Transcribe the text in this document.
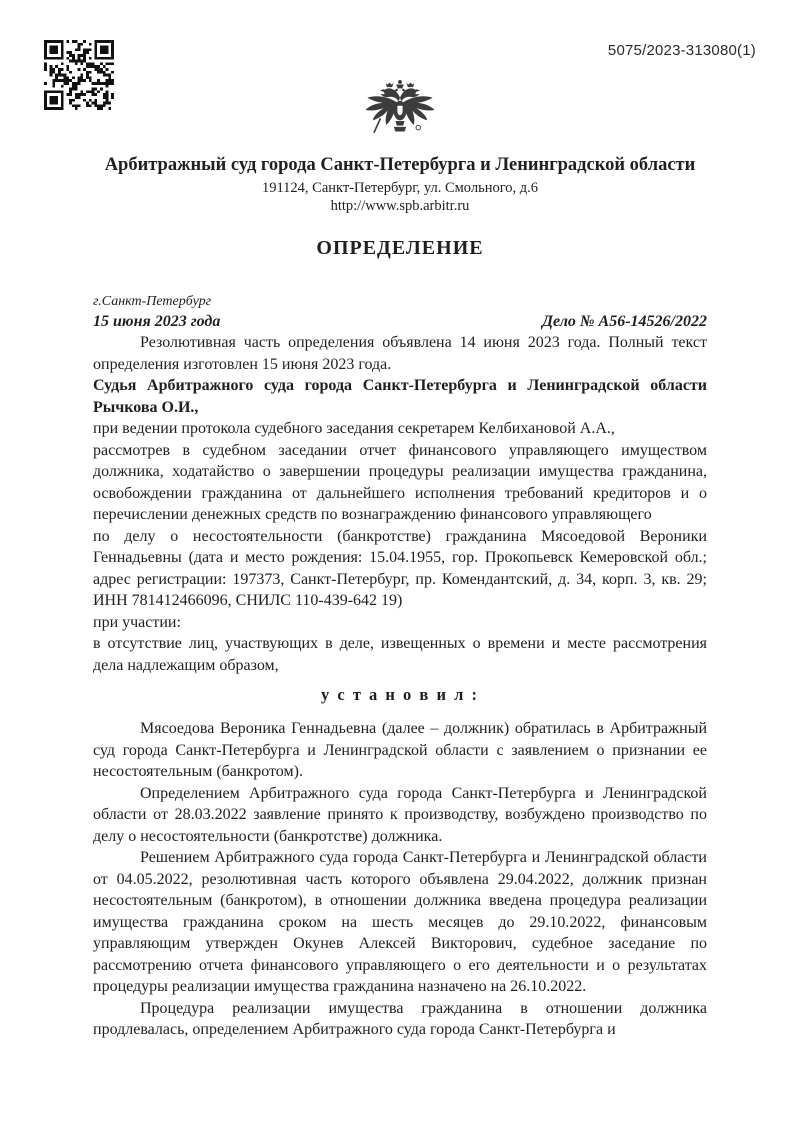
5075/2023-313080(1)
Арбитражный суд города Санкт-Петербурга и Ленинградской области
191124, Санкт-Петербург, ул. Смольного, д.6
http://www.spb.arbitr.ru
ОПРЕДЕЛЕНИЕ
г.Санкт-Петербург
15 июня 2023 года	Дело № А56-14526/2022

Резолютивная часть определения объявлена 14 июня 2023 года. Полный текст определения изготовлен 15 июня 2023 года.

Судья Арбитражного суда города Санкт-Петербурга и Ленинградской области Рычкова О.И.,

при ведении протокола судебного заседания секретарем Келбихановой А.А.,

рассмотрев в судебном заседании отчет финансового управляющего имуществом должника, ходатайство о завершении процедуры реализации имущества гражданина, освобождении гражданина от дальнейшего исполнения требований кредиторов и о перечислении денежных средств по вознаграждению финансового управляющего

по делу о несостоятельности (банкротстве) гражданина Мясоедовой Вероники Геннадьевны (дата и место рождения: 15.04.1955, гор. Прокопьевск Кемеровской обл.; адрес регистрации: 197373, Санкт-Петербург, пр. Комендантский, д. 34, корп. 3, кв. 29; ИНН 781412466096, СНИЛС 110-439-642 19)

при участии:

в отсутствие лиц, участвующих в деле, извещенных о времени и месте рассмотрения дела надлежащим образом,

у с т а н о в и л :

Мясоедова Вероника Геннадьевна (далее – должник) обратилась в Арбитражный суд города Санкт-Петербурга и Ленинградской области с заявлением о признании ее несостоятельным (банкротом).

Определением Арбитражного суда города Санкт-Петербурга и Ленинградской области от 28.03.2022 заявление принято к производству, возбуждено производство по делу о несостоятельности (банкротстве) должника.

Решением Арбитражного суда города Санкт-Петербурга и Ленинградской области от 04.05.2022, резолютивная часть которого объявлена 29.04.2022, должник признан несостоятельным (банкротом), в отношении должника введена процедура реализации имущества гражданина сроком на шесть месяцев до 29.10.2022, финансовым управляющим утвержден Окунев Алексей Викторович, судебное заседание по рассмотрению отчета финансового управляющего о его деятельности и о результатах процедуры реализации имущества гражданина назначено на 26.10.2022.

Процедура реализации имущества гражданина в отношении должника продлевалась, определением Арбитражного суда города Санкт-Петербурга и
